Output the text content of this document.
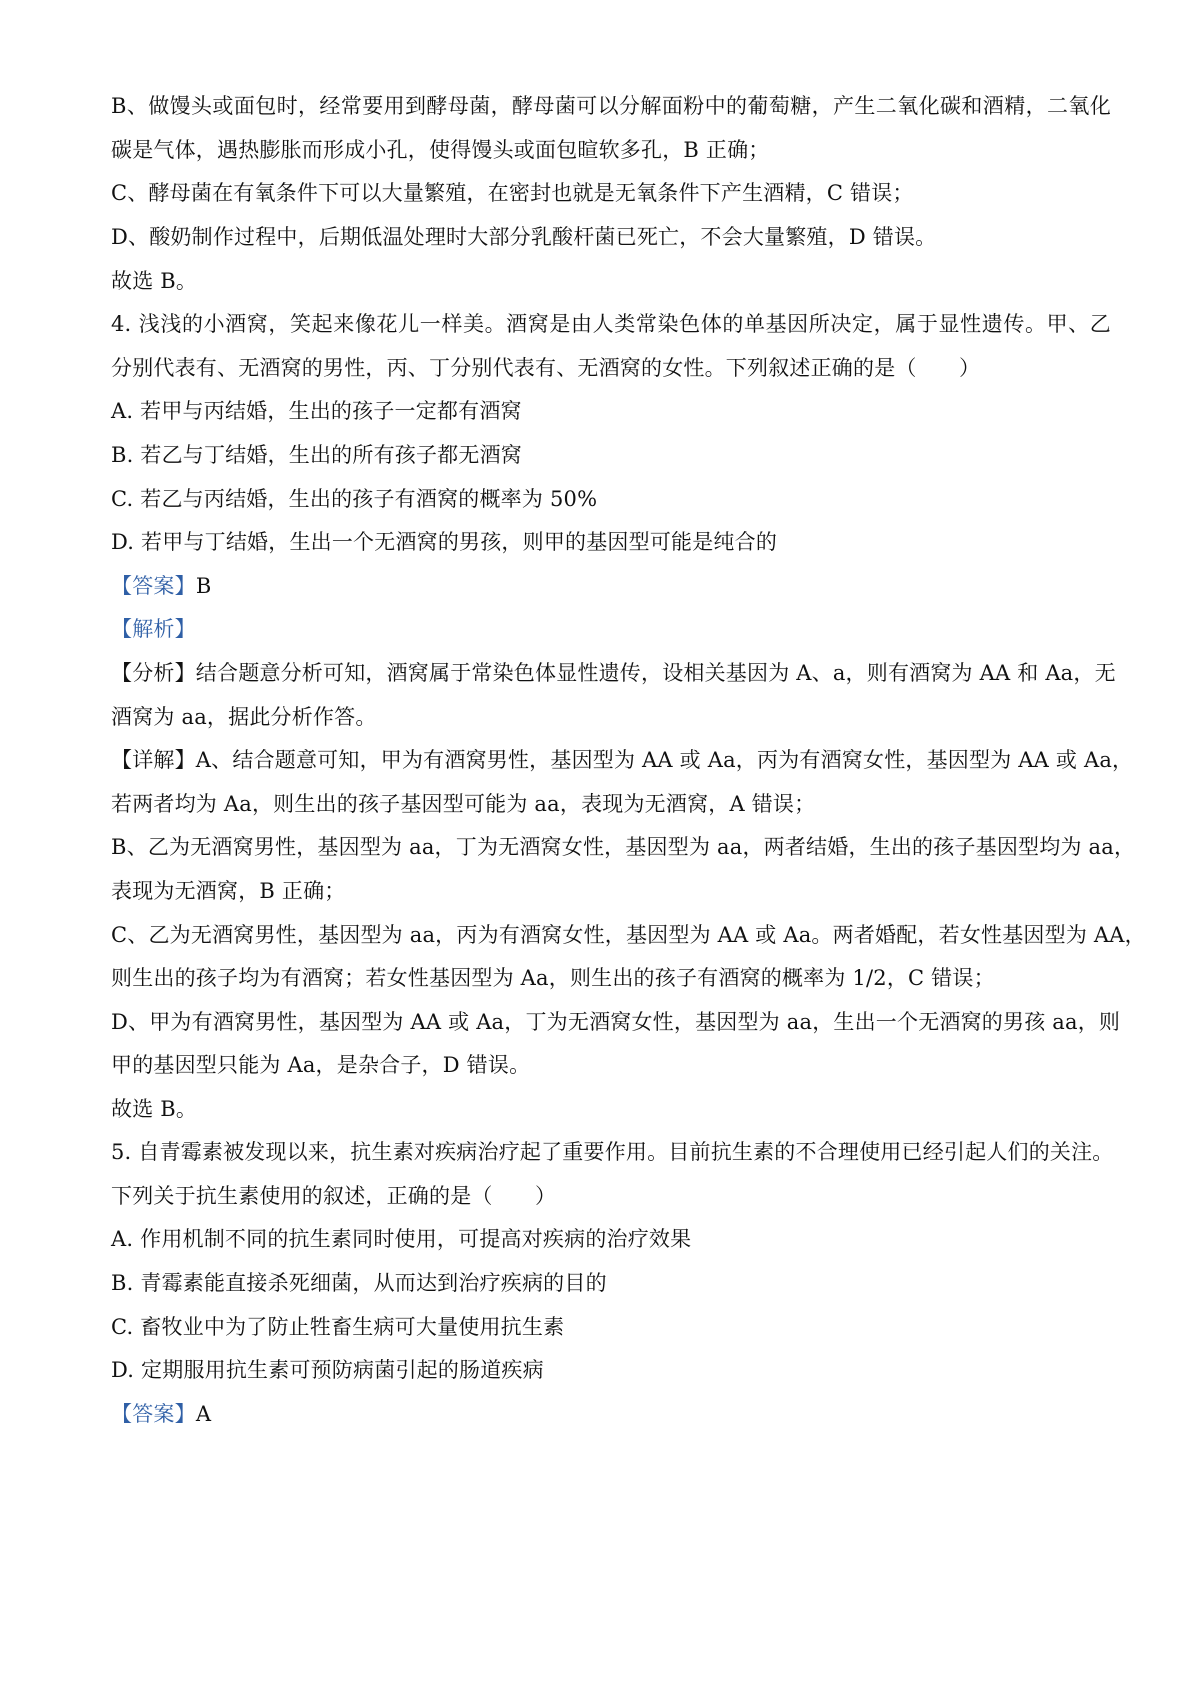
B、做馒头或面包时，经常要用到酵母菌，酵母菌可以分解面粉中的葡萄糖，产生二氧化碳和酒精，二氧化
碳是气体，遇热膨胀而形成小孔，使得馒头或面包暄软多孔，B 正确；
C、酵母菌在有氧条件下可以大量繁殖，在密封也就是无氧条件下产生酒精，C 错误；
D、酸奶制作过程中，后期低温处理时大部分乳酸杆菌已死亡，不会大量繁殖，D 错误。
故选 B。
4. 浅浅的小酒窝，笑起来像花儿一样美。酒窝是由人类常染色体的单基因所决定，属于显性遗传。甲、乙
分别代表有、无酒窝的男性，丙、丁分别代表有、无酒窝的女性。下列叙述正确的是（　　）
A. 若甲与丙结婚，生出的孩子一定都有酒窝
B. 若乙与丁结婚，生出的所有孩子都无酒窝
C. 若乙与丙结婚，生出的孩子有酒窝的概率为 50%
D. 若甲与丁结婚，生出一个无酒窝的男孩，则甲的基因型可能是纯合的
【答案】B
【解析】
【分析】结合题意分析可知，酒窝属于常染色体显性遗传，设相关基因为 A、a，则有酒窝为 AA 和 Aa，无
酒窝为 aa，据此分析作答。
【详解】A、结合题意可知，甲为有酒窝男性，基因型为 AA 或 Aa，丙为有酒窝女性，基因型为 AA 或 Aa，
若两者均为 Aa，则生出的孩子基因型可能为 aa，表现为无酒窝，A 错误；
B、乙为无酒窝男性，基因型为 aa，丁为无酒窝女性，基因型为 aa，两者结婚，生出的孩子基因型均为 aa，
表现为无酒窝，B 正确；
C、乙为无酒窝男性，基因型为 aa，丙为有酒窝女性，基因型为 AA 或 Aa。两者婚配，若女性基因型为 AA，
则生出的孩子均为有酒窝；若女性基因型为 Aa，则生出的孩子有酒窝的概率为 1/2，C 错误；
D、甲为有酒窝男性，基因型为 AA 或 Aa，丁为无酒窝女性，基因型为 aa，生出一个无酒窝的男孩 aa，则
甲的基因型只能为 Aa，是杂合子，D 错误。
故选 B。
5. 自青霉素被发现以来，抗生素对疾病治疗起了重要作用。目前抗生素的不合理使用已经引起人们的关注。
下列关于抗生素使用的叙述，正确的是（　　）
A. 作用机制不同的抗生素同时使用，可提高对疾病的治疗效果
B. 青霉素能直接杀死细菌，从而达到治疗疾病的目的
C. 畜牧业中为了防止牲畜生病可大量使用抗生素
D. 定期服用抗生素可预防病菌引起的肠道疾病
【答案】A
